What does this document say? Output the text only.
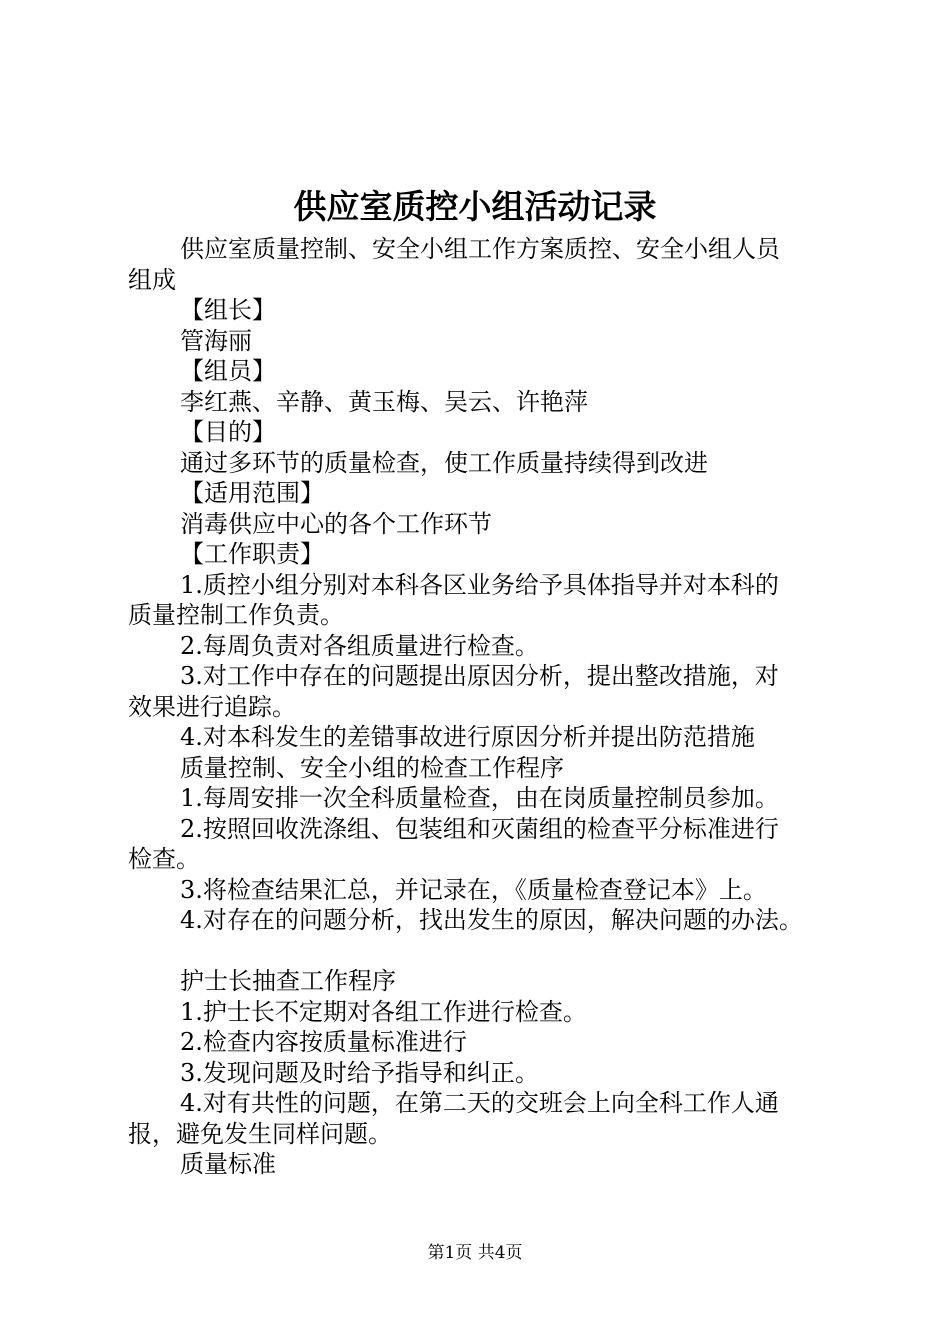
供应室质控小组活动记录

供应室质量控制、安全小组工作方案质控、安全小组人员

组成

【组长】

管海丽

【组员】

李红燕、辛静、黄玉梅、吴云、许艳萍

【目的】

通过多环节的质量检查，使工作质量持续得到改进

【适用范围】

消毒供应中心的各个工作环节

【工作职责】

1.质控小组分别对本科各区业务给予具体指导并对本科的

质量控制工作负责。

2.每周负责对各组质量进行检查。

3.对工作中存在的问题提出原因分析，提出整改措施，对

效果进行追踪。

4.对本科发生的差错事故进行原因分析并提出防范措施

质量控制、安全小组的检查工作程序

1.每周安排一次全科质量检查，由在岗质量控制员参加。

2.按照回收洗涤组、包装组和灭菌组的检查平分标准进行

检查。

3.将检查结果汇总，并记录在，《质量检查登记本》上。

4.对存在的问题分析，找出发生的原因，解决问题的办法。

护士长抽查工作程序

1.护士长不定期对各组工作进行检查。

2.检查内容按质量标准进行

3.发现问题及时给予指导和纠正。

4.对有共性的问题，在第二天的交班会上向全科工作人通

报，避免发生同样问题。

质量标准

第1页 共4页
